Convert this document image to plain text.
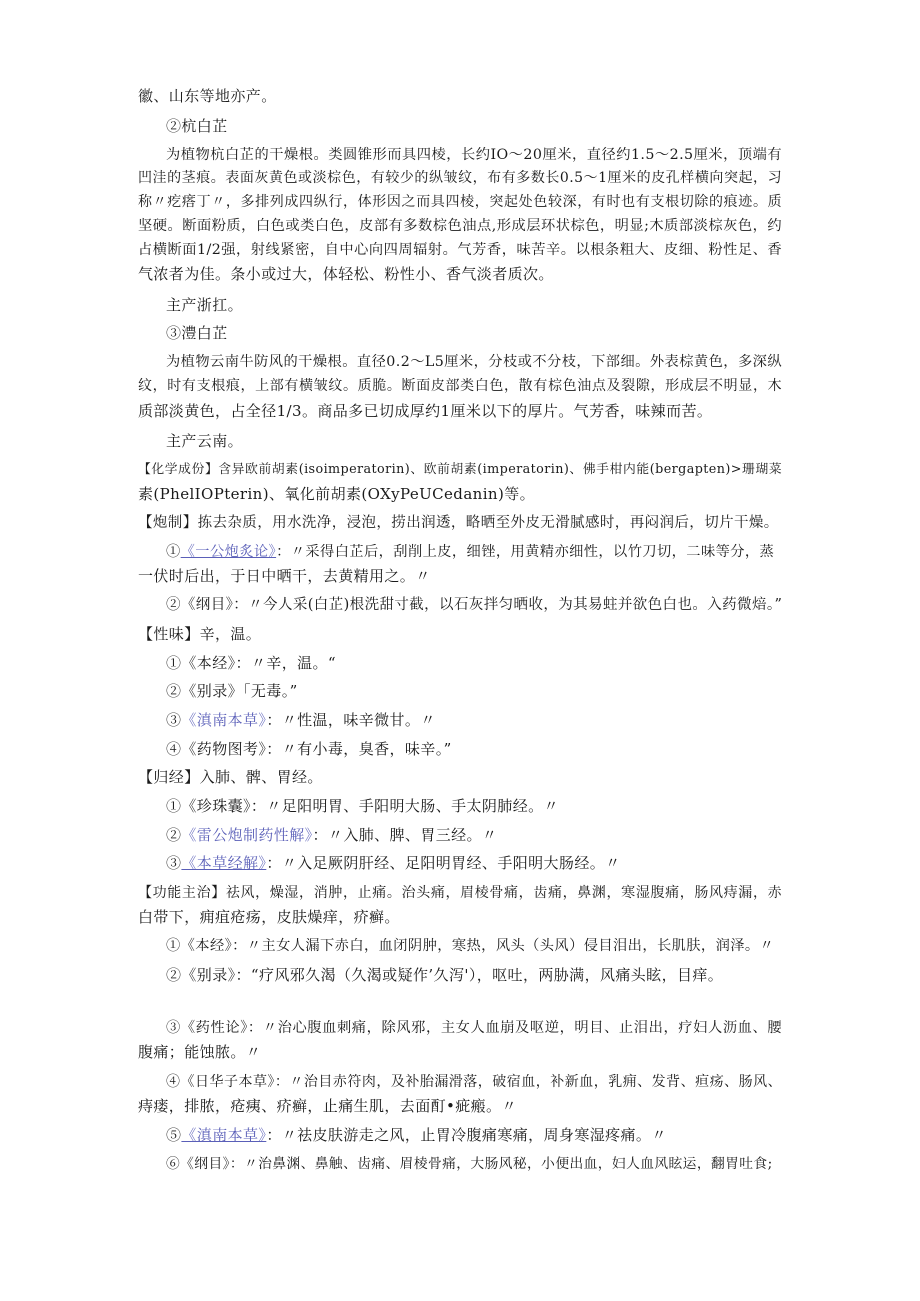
徽、山东等地亦产。

②杭白芷

为植物杭白芷的干燥根。类圆锥形而具四棱，长约IO～20厘米，直径约1.5～2.5厘米，顶端有

凹洼的茎痕。表面灰黄色或淡棕色，有较少的纵皱纹，布有多数长0.5～1厘米的皮孔样横向突起，习

称〃疙瘩丁〃，多排列成四纵行，体形因之而具四棱，突起处色较深，有时也有支根切除的痕迹。质

坚硬。断面粉质，白色或类白色，皮部有多数棕色油点,形成层环状棕色，明显;木质部淡棕灰色，约

占横断面1/2强，射线紧密，自中心向四周辐射。气芳香，味苦辛。以根条粗大、皮细、粉性足、香

气浓者为佳。条小或过大，体轻松、粉性小、香气淡者质次。

主产浙扛。

③澧白芷

为植物云南牛防风的干燥根。直径0.2～L5厘米，分枝或不分枝，下部细。外表棕黄色，多深纵

纹，时有支根痕，上部有横皱纹。质脆。断面皮部类白色，散有棕色油点及裂隙，形成层不明显，木

质部淡黄色，占全径1/3。商品多已切成厚约1厘米以下的厚片。气芳香，味辣而苦。

主产云南。

【化学成份】含异欧前胡素(isoimperatorin)、欧前胡素(imperatorin)、佛手柑内能(bergapten)>珊瑚菜

素(PhelIOPterin)、氧化前胡素(OXyPeUCedanin)等。

【炮制】拣去杂质，用水洗净，浸泡，捞出润透，略晒至外皮无滑腻感时，再闷润后，切片干燥。

①《一公炮炙论》：〃采得白芷后，刮削上皮，细锉，用黄精亦细性，以竹刀切，二味等分，蒸

一伏时后出，于日中晒干，去黄精用之。〃

②《纲目》：〃今人采(白芷)根洗甜寸截，以石灰拌匀晒收，为其易蛀并欲色白也。入药微焙。”

【性味】辛，温。

①《本经》：〃辛，温。“

②《别录》「无毒。”

③《滇南本草》：〃性温，味辛微甘。〃

④《药物图考》：〃有小毒，臭香，味辛。”

【归经】入肺、髀、胃经。

①《珍珠囊》：〃足阳明胃、手阳明大肠、手太阴肺经。〃

②《雷公炮制药性解》：〃入肺、脾、胃三经。〃

③《本草经解》：〃入足厥阴肝经、足阳明胃经、手阳明大肠经。〃

【功能主治】祛风，燥湿，消肿，止痛。治头痛，眉棱骨痛，齿痛，鼻渊，寒湿腹痛，肠风痔漏，赤

白带下，痈疽疮疡，皮肤燥痒，疥癣。

①《本经》：〃主女人漏下赤白，血闭阴肿，寒热，风头（头风）侵目泪出，长肌肤，润泽。〃

②《别录》：“疗风邪久渴（久渴或疑作’久泻'），呕吐，两胁满，风痛头眩，目痒。

③《药性论》：〃治心腹血刺痛，除风邪，主女人血崩及呕逆，明目、止泪出，疗妇人沥血、腰

腹痛；能蚀脓。〃

④《日华子本草》：〃治目赤符肉，及补胎漏滑落，破宿血，补新血，乳痈、发背、疸疡、肠风、

痔瘘，排脓，疮痍、疥癣，止痛生肌，去面酊•疵瘢。〃

⑤《滇南本草》：〃祛皮肤游走之风，止胃冷腹痛寒痛，周身寒湿疼痛。〃

⑥《纲目》：〃治鼻渊、鼻触、齿痛、眉棱骨痛，大肠风秘，小便出血，妇人血风眩运，翻胃吐食;
